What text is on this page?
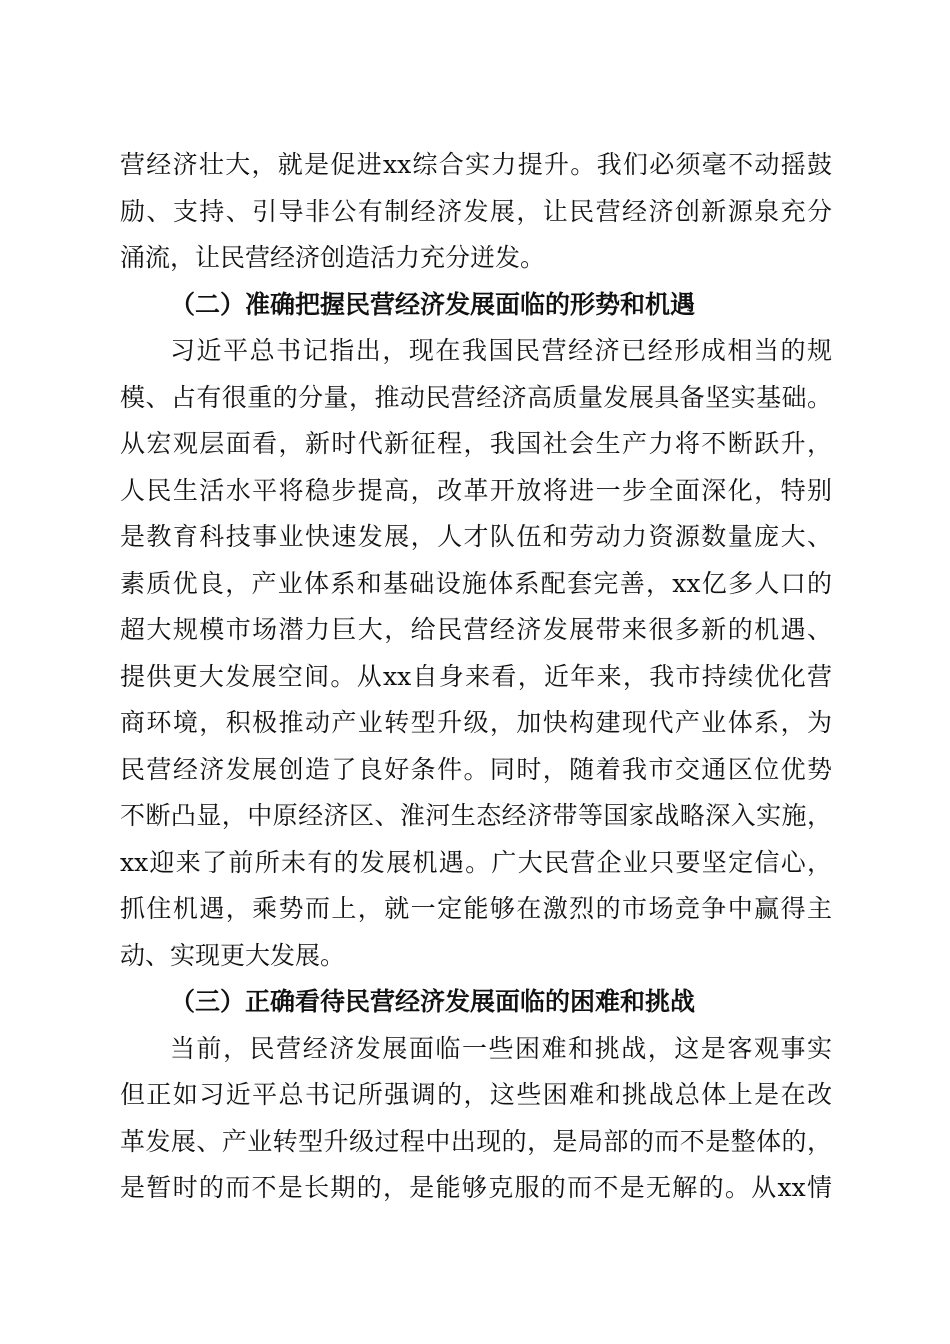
营经济壮大，就是促进xx综合实力提升。我们必须毫不动摇鼓
励、支持、引导非公有制经济发展，让民营经济创新源泉充分
涌流，让民营经济创造活力充分迸发。
（二）准确把握民营经济发展面临的形势和机遇
习近平总书记指出，现在我国民营经济已经形成相当的规
模、占有很重的分量，推动民营经济高质量发展具备坚实基础。
从宏观层面看，新时代新征程，我国社会生产力将不断跃升，
人民生活水平将稳步提高，改革开放将进一步全面深化，特别
是教育科技事业快速发展，人才队伍和劳动力资源数量庞大、
素质优良，产业体系和基础设施体系配套完善，xx亿多人口的
超大规模市场潜力巨大，给民营经济发展带来很多新的机遇、
提供更大发展空间。从xx自身来看，近年来，我市持续优化营
商环境，积极推动产业转型升级，加快构建现代产业体系，为
民营经济发展创造了良好条件。同时，随着我市交通区位优势
不断凸显，中原经济区、淮河生态经济带等国家战略深入实施，
xx迎来了前所未有的发展机遇。广大民营企业只要坚定信心，
抓住机遇，乘势而上，就一定能够在激烈的市场竞争中赢得主
动、实现更大发展。
（三）正确看待民营经济发展面临的困难和挑战
当前，民营经济发展面临一些困难和挑战，这是客观事实
但正如习近平总书记所强调的，这些困难和挑战总体上是在改
革发展、产业转型升级过程中出现的，是局部的而不是整体的，
是暂时的而不是长期的，是能够克服的而不是无解的。从xx情
